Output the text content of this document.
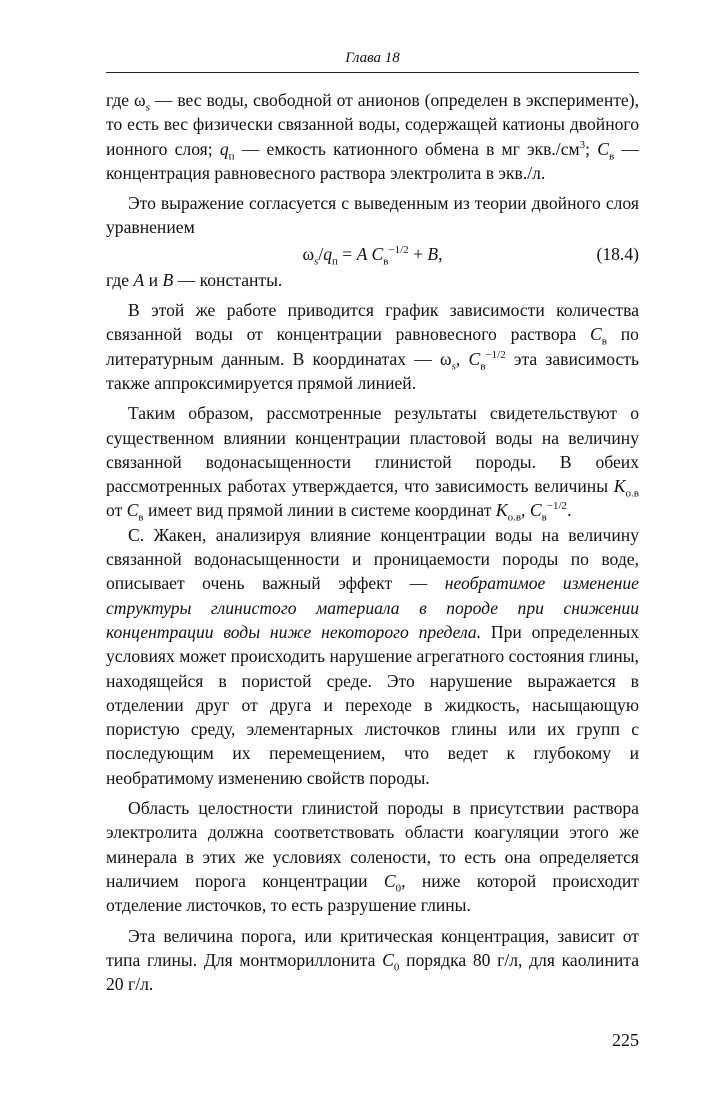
Глава 18

где $\omega_s$ — вес воды, свободной от анионов (определен в эксперименте), то есть вес физически связанной воды, содержащей катионы двойного ионного слоя; $q_п$ — емкость катионного обмена в мг $экв./см^3$; $C_в$ — концентрация равновесного раствора электролита в экв./л.

Это выражение согласуется с выведенным из теории двойного слоя уравнением

$\omega_s/q_п = A$ $C_в^{-1/2} + B$,	(18.4)

где A и B — константы.

В этой же работе приводится график зависимости количества связанной воды от концентрации равновесного раствора $C_в$ по литературным данным. В координатах — $\omega_s$, $C_в^{-1/2}$ эта зависимость также аппроксимируется прямой линией.

Таким образом, рассмотренные результаты свидетельствуют о существенном влиянии концентрации пластовой воды на величину связанной водонасыщенности глинистой породы. В обеих рассмотренных работах утверждается, что зависимость величины $K_{о.в}$ от $C_в$ имеет вид прямой линии в системе координат $K_{о.в}$, $C_в^{-1/2}$.

С. Жакен, анализируя влияние концентрации воды на величину связанной водонасыщенности и проницаемости породы по воде, описывает очень важный эффект — необратимое изменение структуры глинистого материала в породе при снижении концентрации воды ниже некоторого предела. При определенных условиях может происходить нарушение агрегатного состояния глины, находящейся в пористой среде. Это нарушение выражается в отделении друг от друга и переходе в жидкость, насыщающую пористую среду, элементарных листочков глины или их групп с последующим их перемещением, что ведет к глубокому и необратимому изменению свойств породы.

Область целостности глинистой породы в присутствии раствора электролита должна соответствовать области коагуляции этого же минерала в этих же условиях солености, то есть она определяется наличием порога концентрации $C_0$, ниже которой происходит отделение листочков, то есть разрушение глины.

Эта величина порога, или критическая концентрация, зависит от типа глины. Для монтмориллонита $C_0$ порядка 80 г/л, для каолинита 20 г/л.

225
